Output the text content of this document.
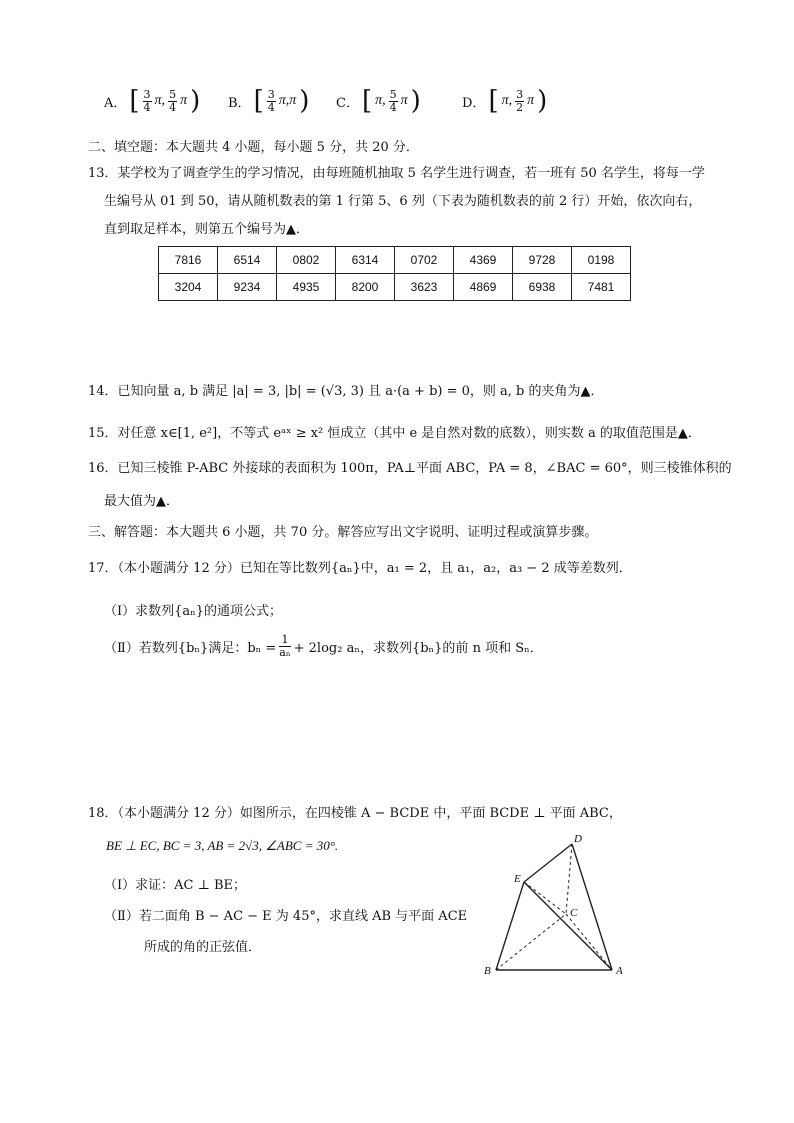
A． [ $\frac{3}{4} \pi$, $\frac{5}{4}$ π ) B． [ $\frac{3}{4} \pi,\pi$ ) C． [ π, $\frac{5}{4}$ π )	D． [ π, $\frac{3}{2}$ π )
二、填空题：本大题共 4 小题，每小题 5 分，共 20 分．
13．某学校为了调查学生的学习情况，由每班随机抽取 5 名学生进行调查，若一班有 50 名学生，将每一学
生编号从 01 到 50，请从随机数表的第 1 行第 5、6 列（下表为随机数表的前 2 行）开始，依次向右，
直到取足样本，则第五个编号为▲．
7816	6514	0802	6314	0702	4369	9728	0198
3204	9234	4935	8200	3623	4869	6938	7481
14．已知向量 a, b 满足 |a| = 3, |b| = (√3, 3) 且 a·(a + b) = 0，则 a, b 的夹角为▲．
15．对任意 x∈[1, e²]，不等式 eᵃˣ ≥ x² 恒成立（其中 e 是自然对数的底数），则实数 a 的取值范围是▲．
16．已知三棱锥 P-ABC 外接球的表面积为 100π，PA⊥平面 ABC，PA = 8，∠BAC = 60°，则三棱锥体积的
最大值为▲．
三、解答题：本大题共 6 小题，共 70 分。解答应写出文字说明、证明过程或演算步骤。
17．（本小题满分 12 分）已知在等比数列{aₙ}中，a₁ = 2，且 a₁，a₂，a₃ − 2 成等差数列．
（Ⅰ）求数列{aₙ}的通项公式；
（Ⅱ）若数列{bₙ}满足：$b_n = \frac{1}{\text{aₙ}} + 2\log_2$ aₙ，求数列{bₙ}的前 n 项和 Sₙ．
18．（本小题满分 12 分）如图所示，在四棱锥 A − BCDE 中，平面 BCDE ⊥ 平面 ABC，
BE ⊥ EC, BC = 3, AB = 2√3, ∠ABC = 30°.
（Ⅰ）求证：AC ⊥ BE；
（Ⅱ）若二面角 B − AC − E 为 45°，求直线 AB 与平面 ACE
所成的角的正弦值．
D
E
C
B	A
